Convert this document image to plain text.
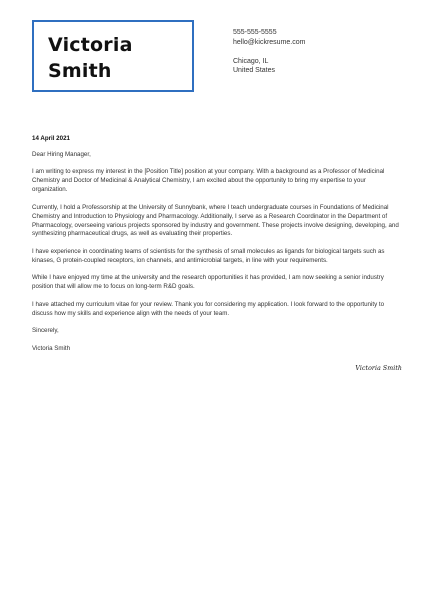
Victoria
Smith
555-555-5555
hello@kickresume.com
Chicago, IL
United States
14 April 2021

Dear Hiring Manager,

I am writing to express my interest in the [Position Title] position at your company. With a background as a Professor of Medicinal Chemistry and Doctor of Medicinal & Analytical Chemistry, I am excited about the opportunity to bring my expertise to your organization.

Currently, I hold a Professorship at the University of Sunnybank, where I teach undergraduate courses in Foundations of Medicinal Chemistry and Introduction to Physiology and Pharmacology. Additionally, I serve as a Research Coordinator in the Department of Pharmacology, overseeing various projects sponsored by industry and government. These projects involve designing, developing, and synthesizing pharmaceutical drugs, as well as evaluating their properties.

I have experience in coordinating teams of scientists for the synthesis of small molecules as ligands for biological targets such as kinases, G protein-coupled receptors, ion channels, and antimicrobial targets, in line with your requirements.

While I have enjoyed my time at the university and the research opportunities it has provided, I am now seeking a senior industry position that will allow me to focus on long-term R&D goals.

I have attached my curriculum vitae for your review. Thank you for considering my application. I look forward to the opportunity to discuss how my skills and experience align with the needs of your team.

Sincerely,

Victoria Smith

Victoria Smith
